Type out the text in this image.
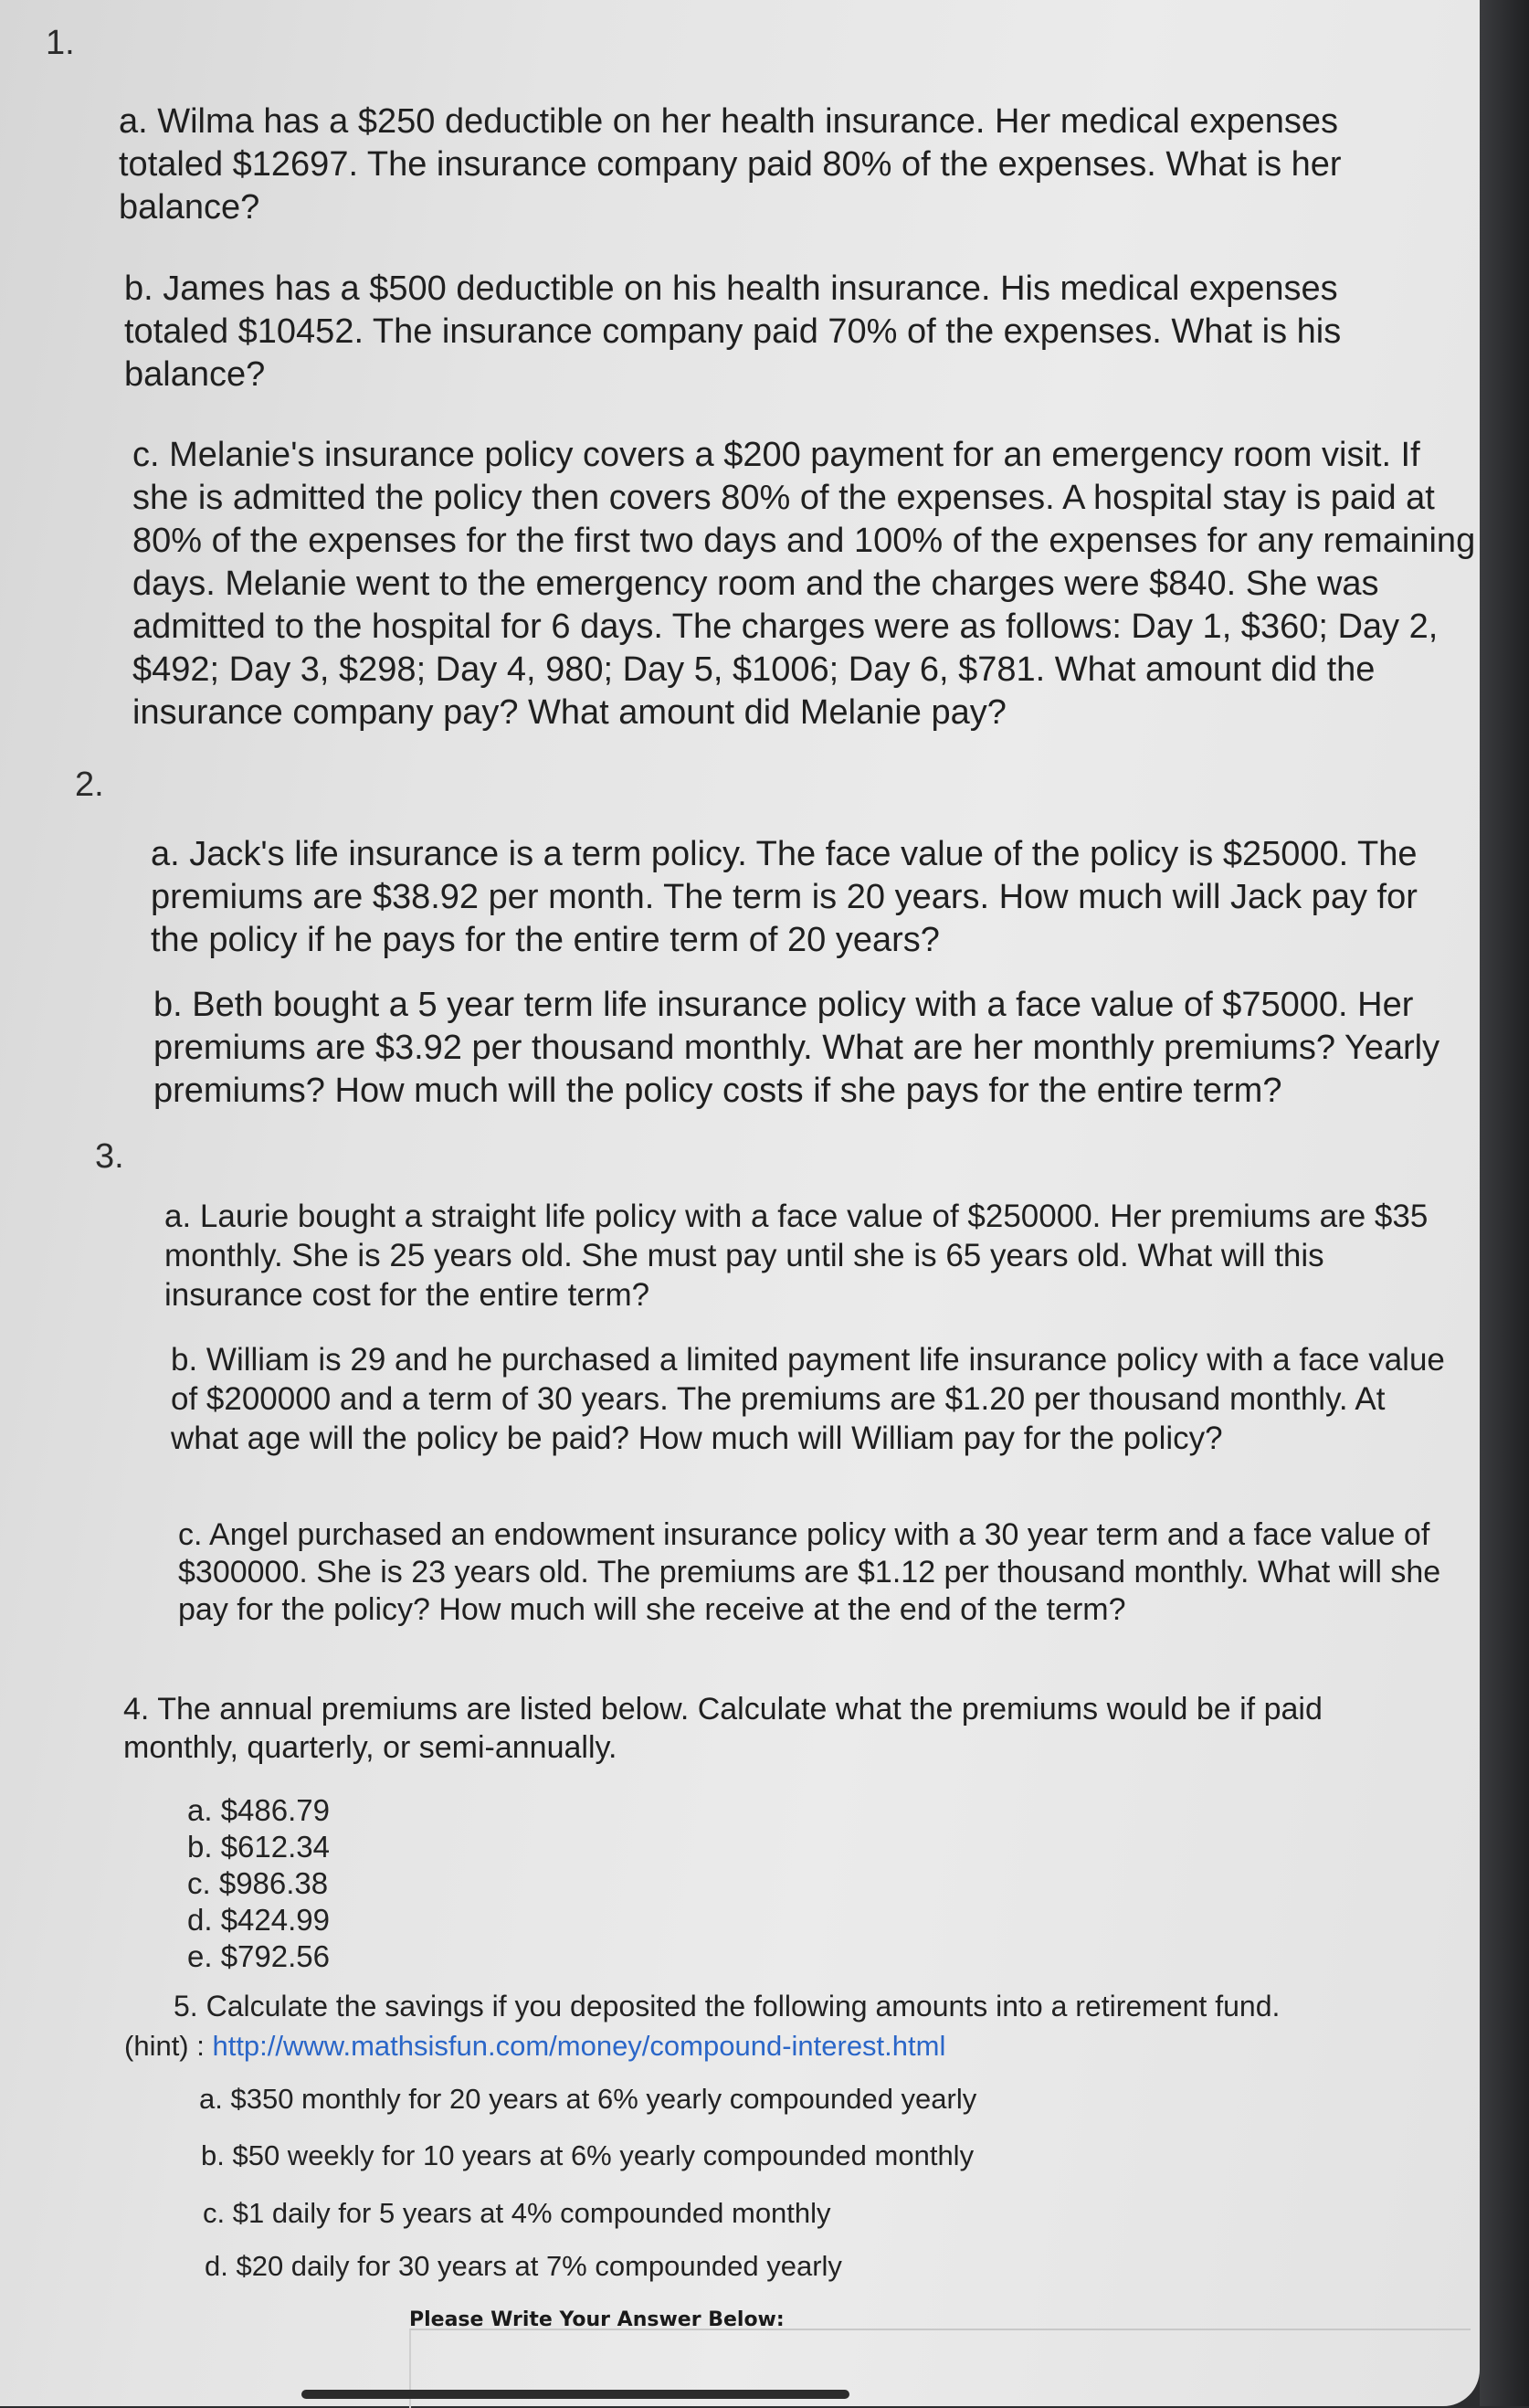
1.

a. Wilma has a $250 deductible on her health insurance. Her medical expenses totaled $12697. The insurance company paid 80% of the expenses. What is her balance?

b. James has a $500 deductible on his health insurance. His medical expenses totaled $10452. The insurance company paid 70% of the expenses. What is his balance?

c. Melanie's insurance policy covers a $200 payment for an emergency room visit. If she is admitted the policy then covers 80% of the expenses. A hospital stay is paid at 80% of the expenses for the first two days and 100% of the expenses for any remaining days. Melanie went to the emergency room and the charges were $840. She was admitted to the hospital for 6 days. The charges were as follows: Day 1, $360; Day 2, $492; Day 3, $298; Day 4, 980; Day 5, $1006; Day 6, $781. What amount did the insurance company pay? What amount did Melanie pay?

2.

a. Jack's life insurance is a term policy. The face value of the policy is $25000. The premiums are $38.92 per month. The term is 20 years. How much will Jack pay for the policy if he pays for the entire term of 20 years?

b. Beth bought a 5 year term life insurance policy with a face value of $75000. Her premiums are $3.92 per thousand monthly. What are her monthly premiums? Yearly premiums? How much will the policy costs if she pays for the entire term?

3.

a. Laurie bought a straight life policy with a face value of $250000. Her premiums are $35 monthly. She is 25 years old. She must pay until she is 65 years old. What will this insurance cost for the entire term?

b. William is 29 and he purchased a limited payment life insurance policy with a face value of $200000 and a term of 30 years. The premiums are $1.20 per thousand monthly. At what age will the policy be paid? How much will William pay for the policy?

c. Angel purchased an endowment insurance policy with a 30 year term and a face value of $300000. She is 23 years old. The premiums are $1.12 per thousand monthly. What will she pay for the policy? How much will she receive at the end of the term?

4. The annual premiums are listed below. Calculate what the premiums would be if paid monthly, quarterly, or semi-annually.

a. $486.79
b. $612.34
c. $986.38
d. $424.99
e. $792.56
5. Calculate the savings if you deposited the following amounts into a retirement fund.
(hint) : http://www.mathsisfun.com/money/compound-interest.html
a. $350 monthly for 20 years at 6% yearly compounded yearly
b. $50 weekly for 10 years at 6% yearly compounded monthly
c. $1 daily for 5 years at 4% compounded monthly
d. $20 daily for 30 years at 7% compounded yearly
Please Write Your Answer Below:
